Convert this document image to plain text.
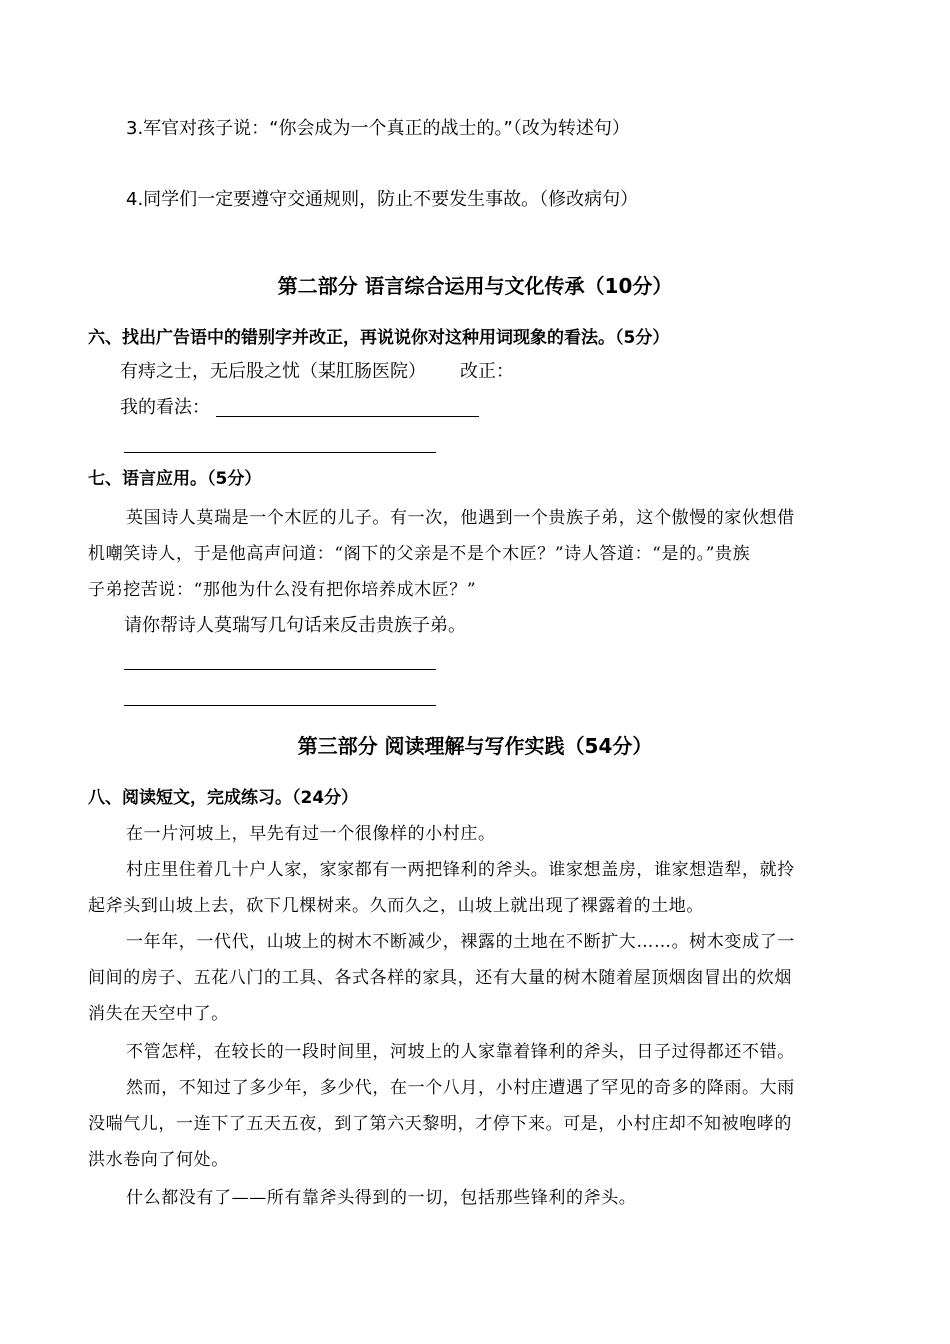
3.军官对孩子说：“你会成为一个真正的战士的。”（改为转述句）
4.同学们一定要遵守交通规则，防止不要发生事故。（修改病句）
第二部分 语言综合运用与文化传承（10分）
六、找出广告语中的错别字并改正，再说说你对这种用词现象的看法。（5分）
有痔之士，无后股之忧（某肛肠医院） 改正：
我的看法：
七、语言应用。（5分）
英国诗人莫瑞是一个木匠的儿子。有一次，他遇到一个贵族子弟，这个傲慢的家伙想借
机嘲笑诗人，于是他高声问道：“阁下的父亲是不是个木匠？”诗人答道：“是的。”贵族
子弟挖苦说：“那他为什么没有把你培养成木匠？”
请你帮诗人莫瑞写几句话来反击贵族子弟。
第三部分 阅读理解与写作实践（54分）
八、阅读短文，完成练习。（24分）
在一片河坡上，早先有过一个很像样的小村庄。
村庄里住着几十户人家，家家都有一两把锋利的斧头。谁家想盖房，谁家想造犁，就拎
起斧头到山坡上去，砍下几棵树来。久而久之，山坡上就出现了裸露着的土地。
一年年，一代代，山坡上的树木不断减少，裸露的土地在不断扩大……。树木变成了一
间间的房子、五花八门的工具、各式各样的家具，还有大量的树木随着屋顶烟囱冒出的炊烟
消失在天空中了。
不管怎样，在较长的一段时间里，河坡上的人家靠着锋利的斧头，日子过得都还不错。
然而，不知过了多少年，多少代，在一个八月，小村庄遭遇了罕见的奇多的降雨。大雨
没喘气儿，一连下了五天五夜，到了第六天黎明，才停下来。可是，小村庄却不知被咆哮的
洪水卷向了何处。
什么都没有了——所有靠斧头得到的一切，包括那些锋利的斧头。
